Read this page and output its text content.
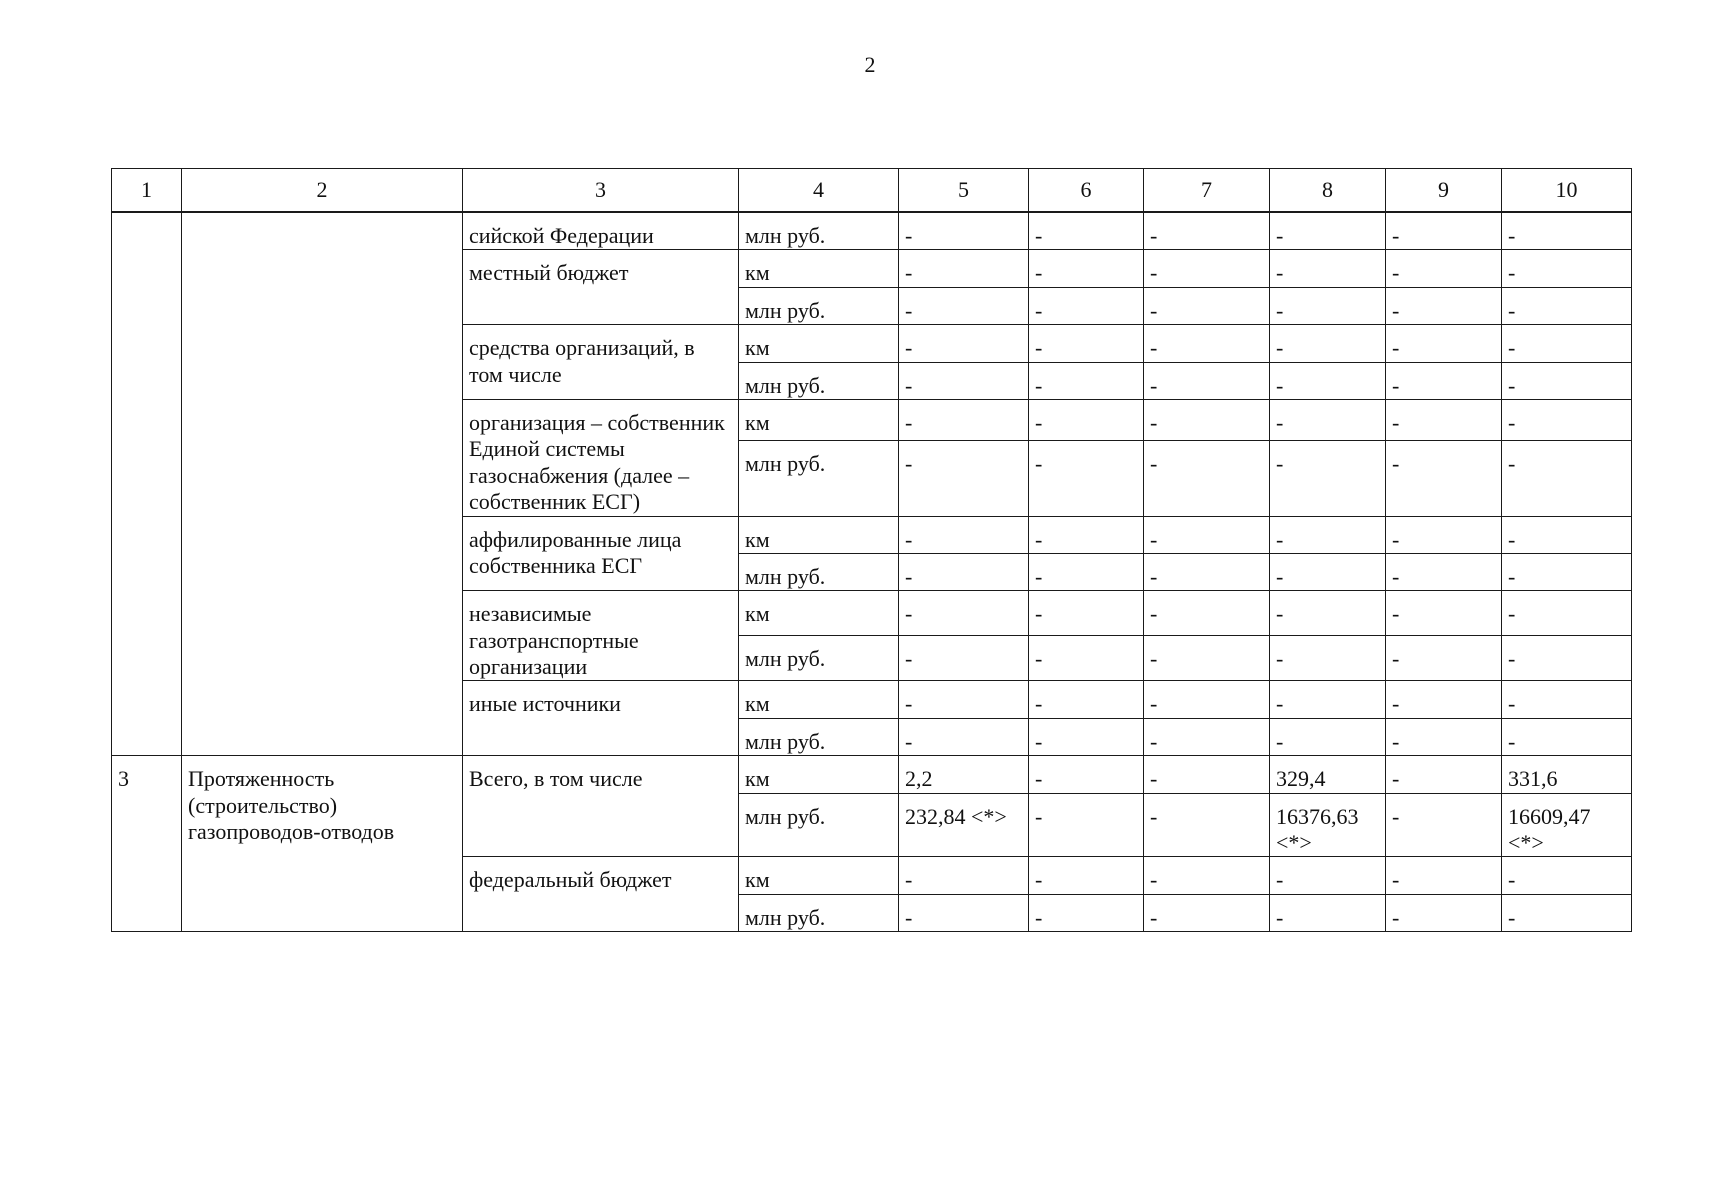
2
1	2	3	4	5	6	7	8	9	10
		сийской Федерации	млн руб.	-	-	-	-	-	-
		местный бюджет	км	-	-	-	-	-	-
			млн руб.	-	-	-	-	-	-
		средства организаций, в том числе	км	-	-	-	-	-	-
			млн руб.	-	-	-	-	-	-
		организация – собственник Единой системы газоснабжения (далее – собственник ЕСГ)	км	-	-	-	-	-	-
			млн руб.	-	-	-	-	-	-
		аффилированные лица собственника ЕСГ	км	-	-	-	-	-	-
			млн руб.	-	-	-	-	-	-
		независимые газотранспортные организации	км	-	-	-	-	-	-
			млн руб.	-	-	-	-	-	-
		иные источники	км	-	-	-	-	-	-
			млн руб.	-	-	-	-	-	-
3	Протяженность (строительство) газопроводов-отводов	Всего, в том числе	км	2,2	-	-	329,4	-	331,6
			млн руб.	232,84 <*>	-	-	16376,63 <*>	-	16609,47 <*>
		федеральный бюджет	км	-	-	-	-	-	-
			млн руб.	-	-	-	-	-	-
